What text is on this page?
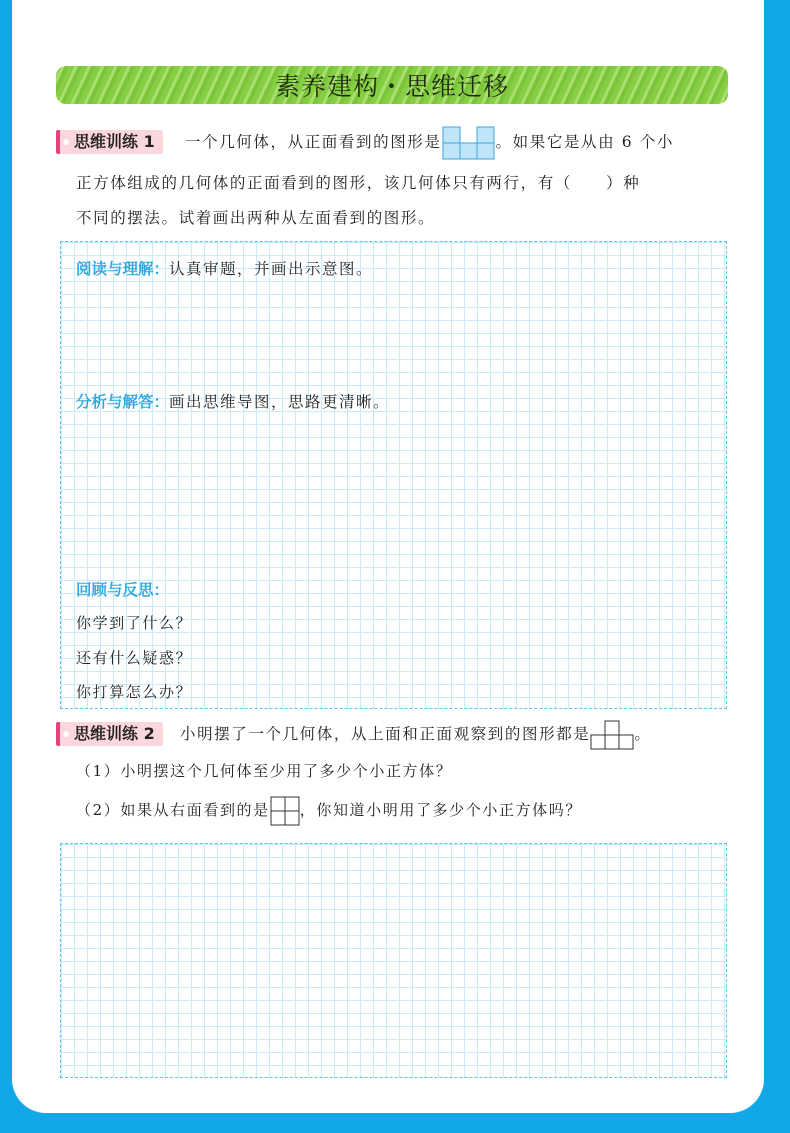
素养建构・思维迁移
思维训练 1	一个几何体，从正面看到的图形是	。如果它是从由 6 个小
正方体组成的几何体的正面看到的图形，该几何体只有两行，有（　　）种
不同的摆法。试着画出两种从左面看到的图形。
阅读与理解：认真审题，并画出示意图。
分析与解答：画出思维导图，思路更清晰。
回顾与反思：
你学到了什么？
还有什么疑惑？
你打算怎么办？
思维训练 2	小明摆了一个几何体，从上面和正面观察到的图形都是	。
（1）小明摆这个几何体至少用了多少个小正方体？
（2）如果从右面看到的是 ，你知道小明用了多少个小正方体吗？
